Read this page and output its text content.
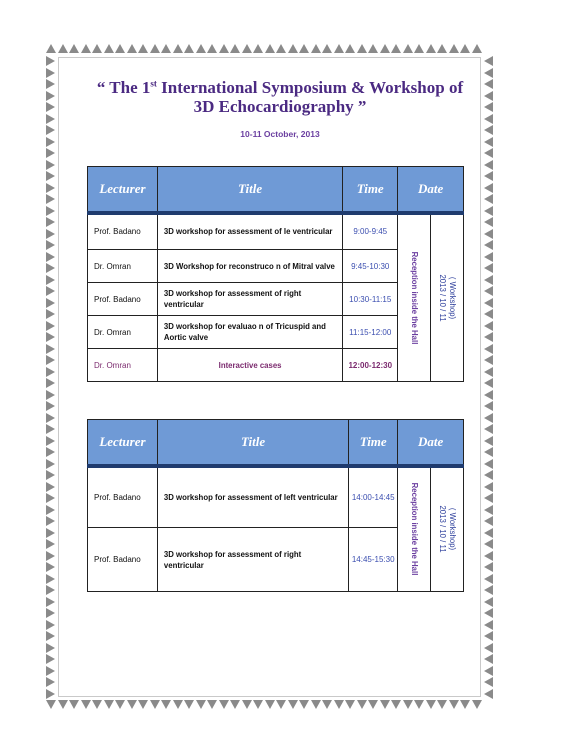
“ The 1st International Symposium & Workshop of
3D Echocardiography ”
10-11 October, 2013
Lecturer	Title	Time	Date	
Prof. Badano	3D workshop for assessment of le ventricular	9:00-9:45	Reception inside the Hall	( Workshop)
2013 / 10 / 11

Dr. Omran	3D Workshop for reconstruco n of Mitral valve	9:45-10:30		
Prof. Badano	3D workshop for assessment of right ventricular	10:30-11:15		
Dr. Omran	3D workshop for evaluao n of Tricuspid and Aortic valve	11:15-12:00		
Dr. Omran	Interactive cases	12:00-12:30		
Lecturer	Title	Time	Date	
Prof. Badano	3D workshop for assessment of left ventricular	14:00-14:45	Reception inside the Hall	( Workshop)
2013 / 10 / 11

Prof. Badano	3D workshop for assessment of right ventricular	14:45-15:30		
